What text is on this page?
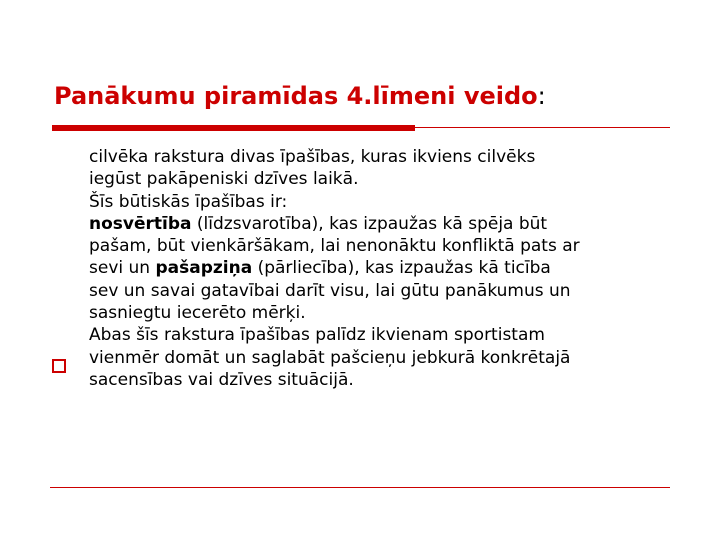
Panākumu piramīdas 4.līmeni veido:
cilvēka rakstura divas īpašības, kuras ikviens cilvēks
iegūst pakāpeniski dzīves laikā.
Šīs būtiskās īpašības ir:
nosvērtība (līdzsvarotība), kas izpaužas kā spēja būt
pašam, būt vienkāršākam, lai nenonāktu konfliktā pats ar
sevi un pašapziņa (pārliecība), kas izpaužas kā ticība
sev un savai gatavībai darīt visu, lai gūtu panākumus un
sasniegtu iecerēto mērķi.
Abas šīs rakstura īpašības palīdz ikvienam sportistam
vienmēr domāt un saglabāt pašcieņu jebkurā konkrētajā
sacensības vai dzīves situācijā.
